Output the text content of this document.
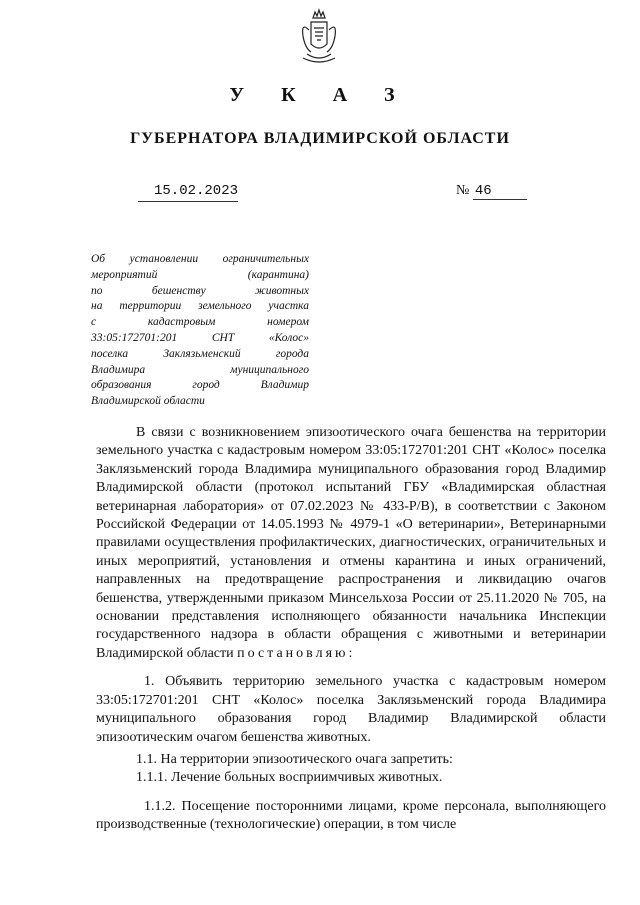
У К А З
ГУБЕРНАТОРА ВЛАДИМИРСКОЙ ОБЛАСТИ
15.02.2023	№ 46
Об установлении ограничительных
мероприятий (карантина)
по бешенству животных
на территории земельного участка
с кадастровым номером
33:05:172701:201 СНТ «Колос»
поселка Заклязьменский города
Владимира муниципального
образования город Владимир
Владимирской области

В связи с возникновением эпизоотического очага бешенства на территории земельного участка с кадастровым номером 33:05:172701:201 СНТ «Колос» поселка Заклязьменский города Владимира муниципального образования город Владимир Владимирской области (протокол испытаний ГБУ «Владимирская областная ветеринарная лаборатория» от 07.02.2023 № 433-Р/В), в соответствии с Законом Российской Федерации от 14.05.1993 № 4979-1 «О ветеринарии», Ветеринарными правилами осуществления профилактических, диагностических, ограничительных и иных мероприятий, установления и отмены карантина и иных ограничений, направленных на предотвращение распространения и ликвидацию очагов бешенства, утвержденными приказом Минсельхоза России от 25.11.2020 № 705, на основании представления исполняющего обязанности начальника Инспекции государственного надзора в области обращения с животными и ветеринарии Владимирской области постановляю:

1. Объявить территорию земельного участка с кадастровым номером 33:05:172701:201 СНТ «Колос» поселка Заклязьменский города Владимира муниципального образования город Владимир Владимирской области эпизоотическим очагом бешенства животных.

1.1. На территории эпизоотического очага запретить:

1.1.1. Лечение больных восприимчивых животных.

1.1.2. Посещение посторонними лицами, кроме персонала, выполняющего производственные (технологические) операции, в том числе
